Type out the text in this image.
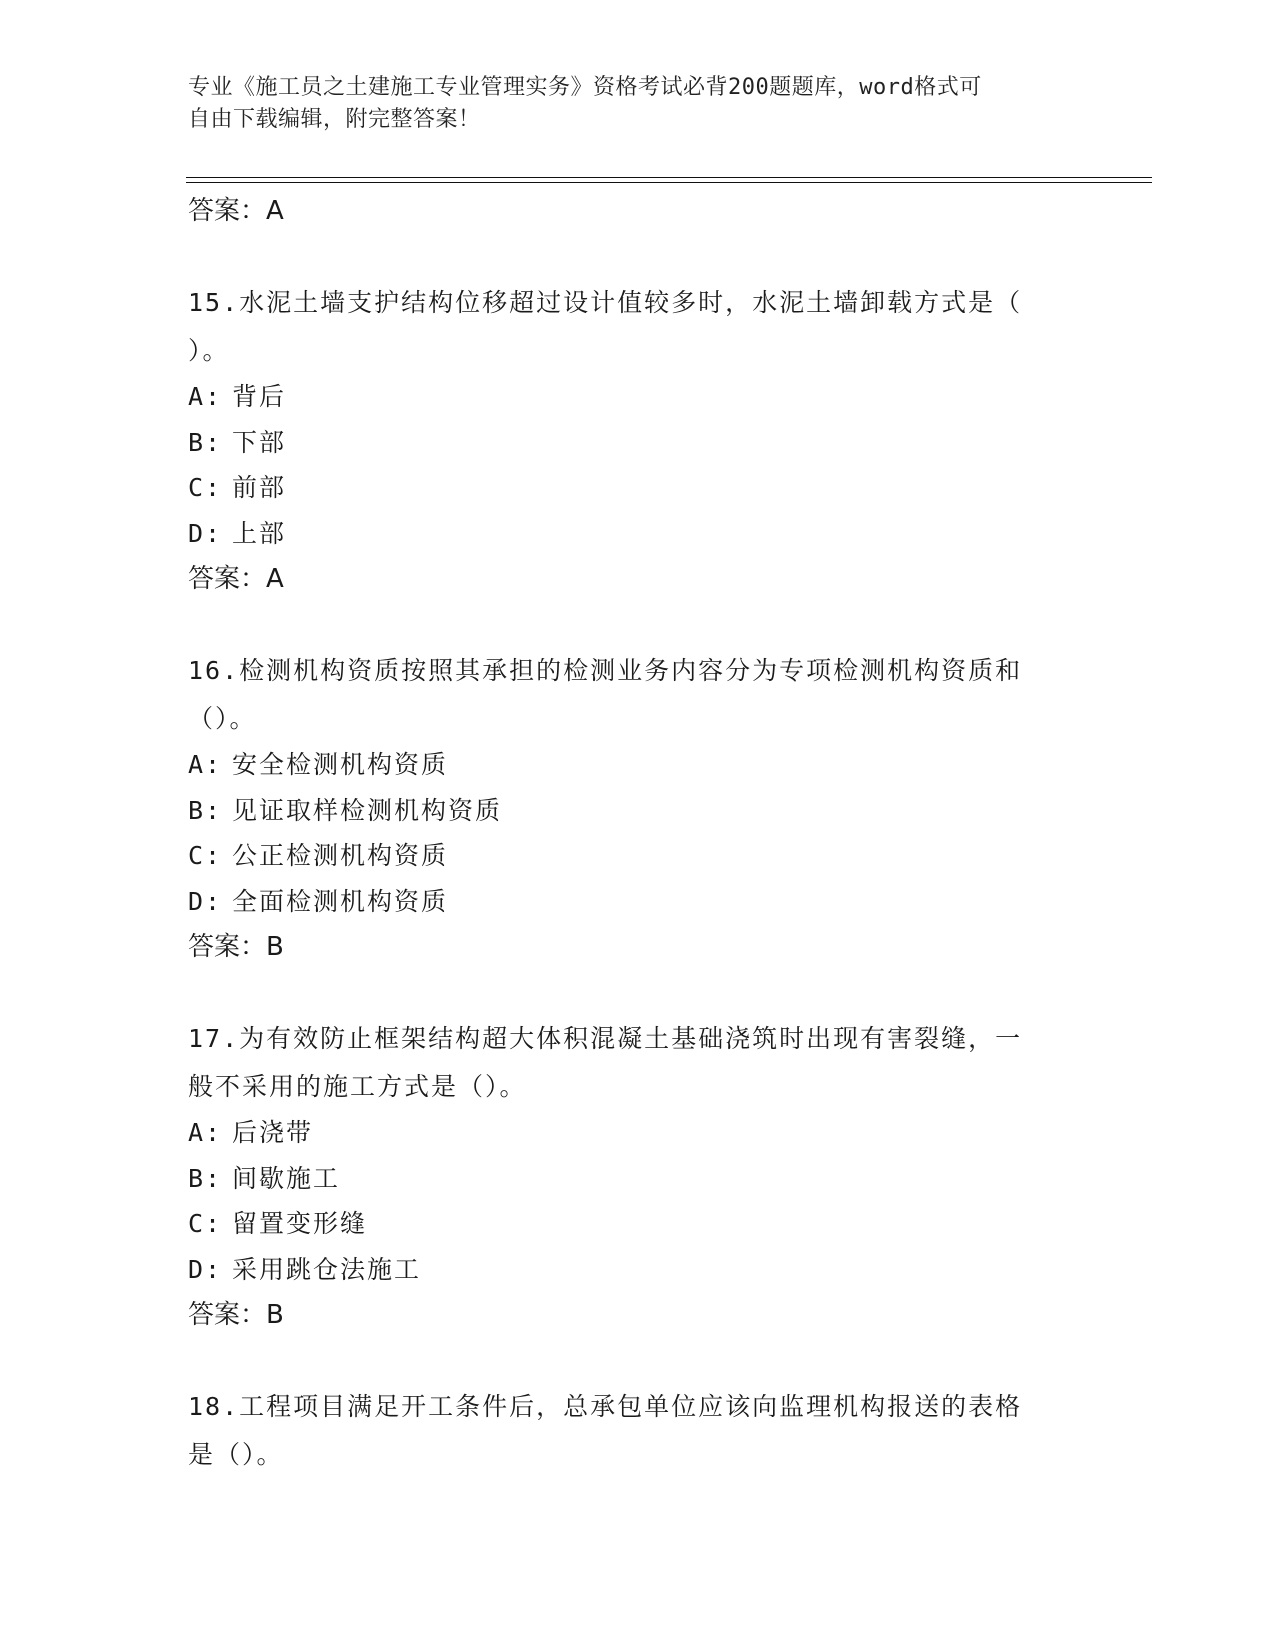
专业《施工员之土建施工专业管理实务》资格考试必背200题题库，word格式可
自由下载编辑，附完整答案！
答案：A
15.水泥土墙支护结构位移超过设计值较多时，水泥土墙卸载方式是（
）。
A: 背后
B: 下部
C: 前部
D: 上部
答案：A
16.检测机构资质按照其承担的检测业务内容分为专项检测机构资质和
（）。
A: 安全检测机构资质
B: 见证取样检测机构资质
C: 公正检测机构资质
D: 全面检测机构资质
答案：B
17.为有效防止框架结构超大体积混凝土基础浇筑时出现有害裂缝，一
般不采用的施工方式是（）。
A: 后浇带
B: 间歇施工
C: 留置变形缝
D: 采用跳仓法施工
答案：B
18.工程项目满足开工条件后，总承包单位应该向监理机构报送的表格
是（）。
